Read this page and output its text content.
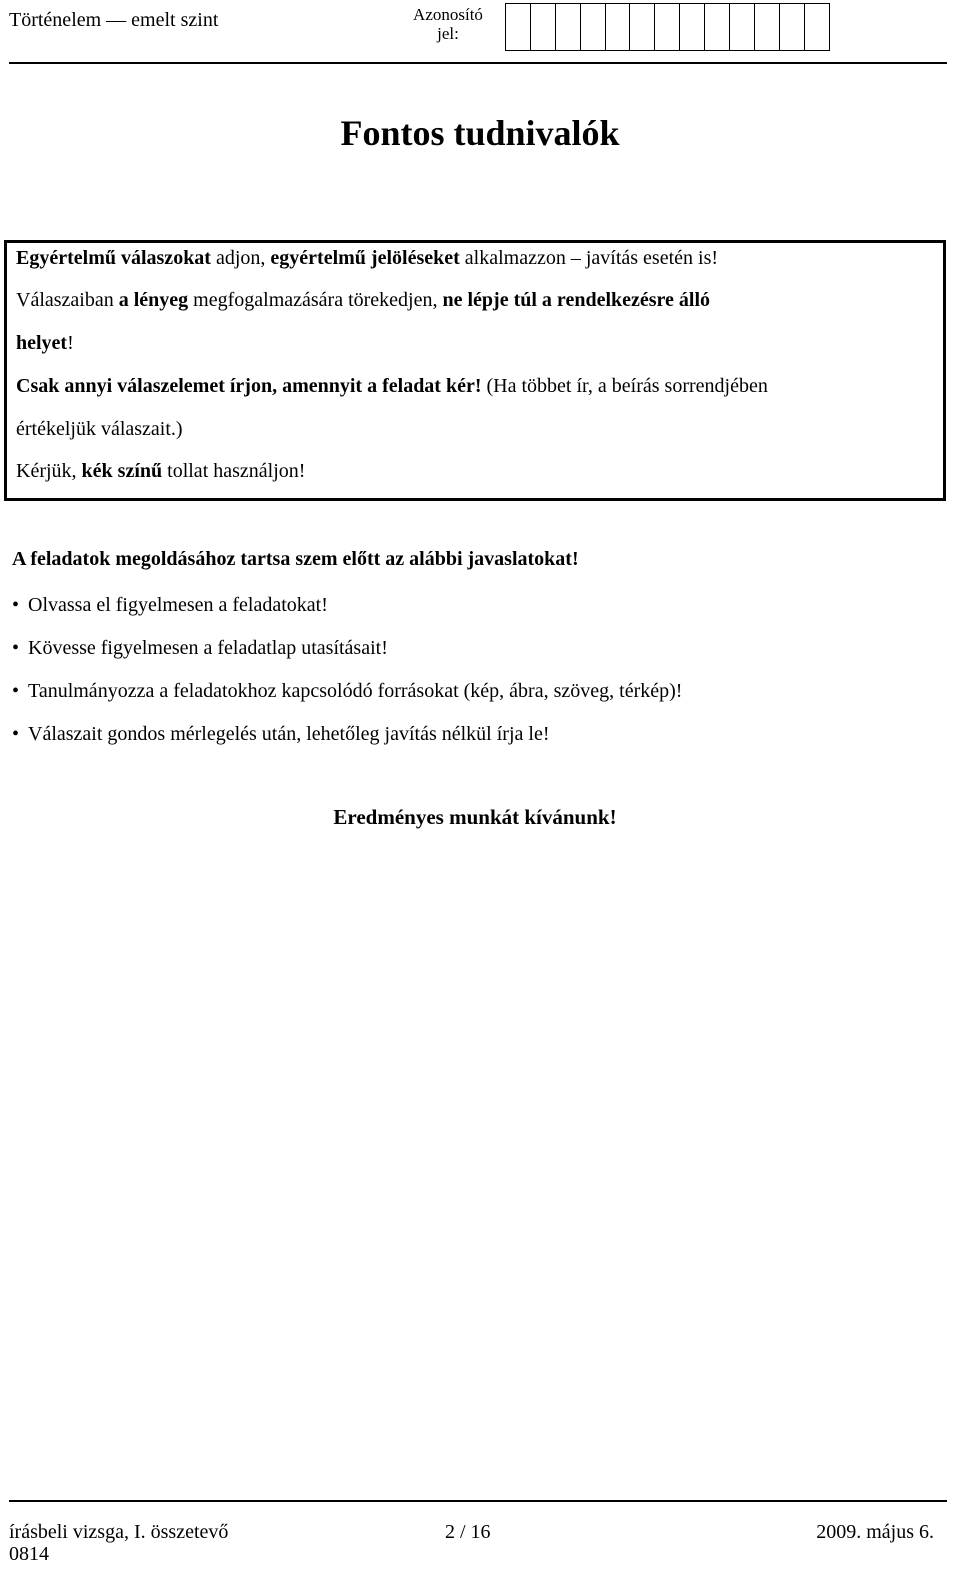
Történelem — emelt szint	Azonosító jel:
Fontos tudnivalók
Egyértelmű válaszokat adjon, egyértelmű jelöléseket alkalmazzon – javítás esetén is!
Válaszaiban a lényeg megfogalmazására törekedjen, ne lépje túl a rendelkezésre álló
helyet!
Csak annyi válaszelemet írjon, amennyit a feladat kér! (Ha többet ír, a beírás sorrendjében
értékeljük válaszait.)
Kérjük, kék színű tollat használjon!
A feladatok megoldásához tartsa szem előtt az alábbi javaslatokat!
• Olvassa el figyelmesen a feladatokat!
• Kövesse figyelmesen a feladatlap utasításait!
• Tanulmányozza a feladatokhoz kapcsolódó forrásokat (kép, ábra, szöveg, térkép)!
• Válaszait gondos mérlegelés után, lehetőleg javítás nélkül írja le!
Eredményes munkát kívánunk!
írásbeli vizsga, I. összetevő
0814
2 / 16	2009. május 6.
